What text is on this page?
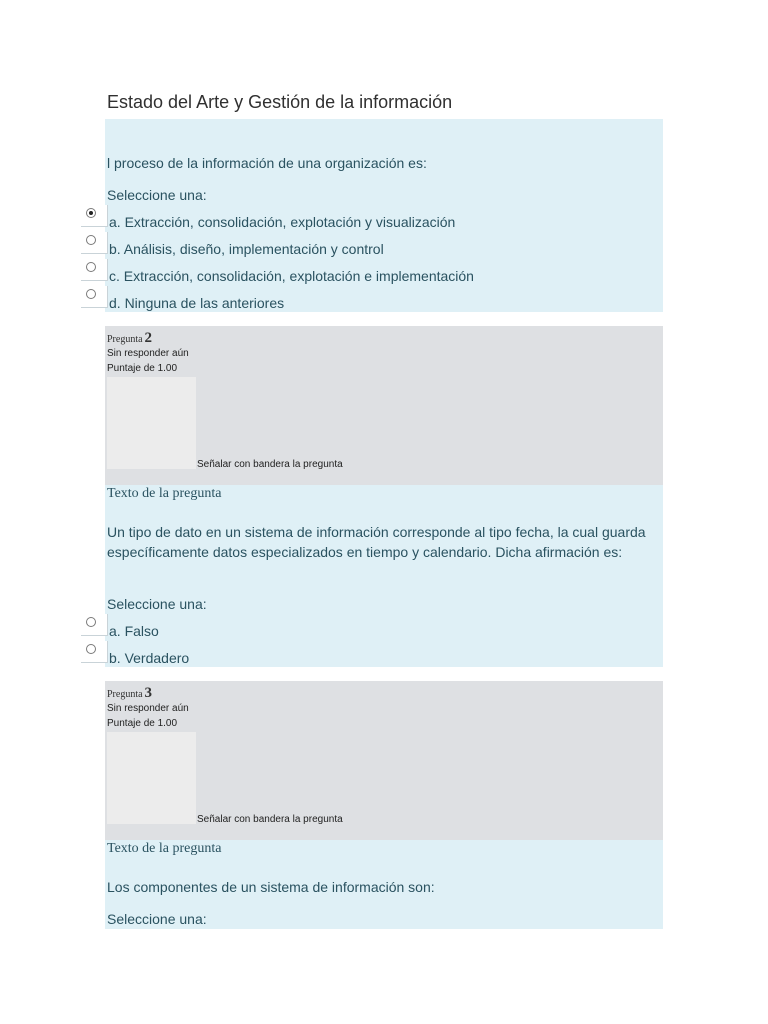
Estado del Arte y Gestión de la información

l proceso de la información de una organización es:

Seleccione una:
a. Extracción, consolidación, explotación y visualización
b. Análisis, diseño, implementación y control
c. Extracción, consolidación, explotación e implementación
d. Ninguna de las anteriores
Pregunta 2
Sin responder aún
Puntaje de 1.00
Señalar con bandera la pregunta
Texto de la pregunta

Un tipo de dato en un sistema de información corresponde al tipo fecha, la cual guarda específicamente datos especializados en tiempo y calendario. Dicha afirmación es:

Seleccione una:
a. Falso
b. Verdadero
Pregunta 3
Sin responder aún
Puntaje de 1.00
Señalar con bandera la pregunta
Texto de la pregunta

Los componentes de un sistema de información son:

Seleccione una:
